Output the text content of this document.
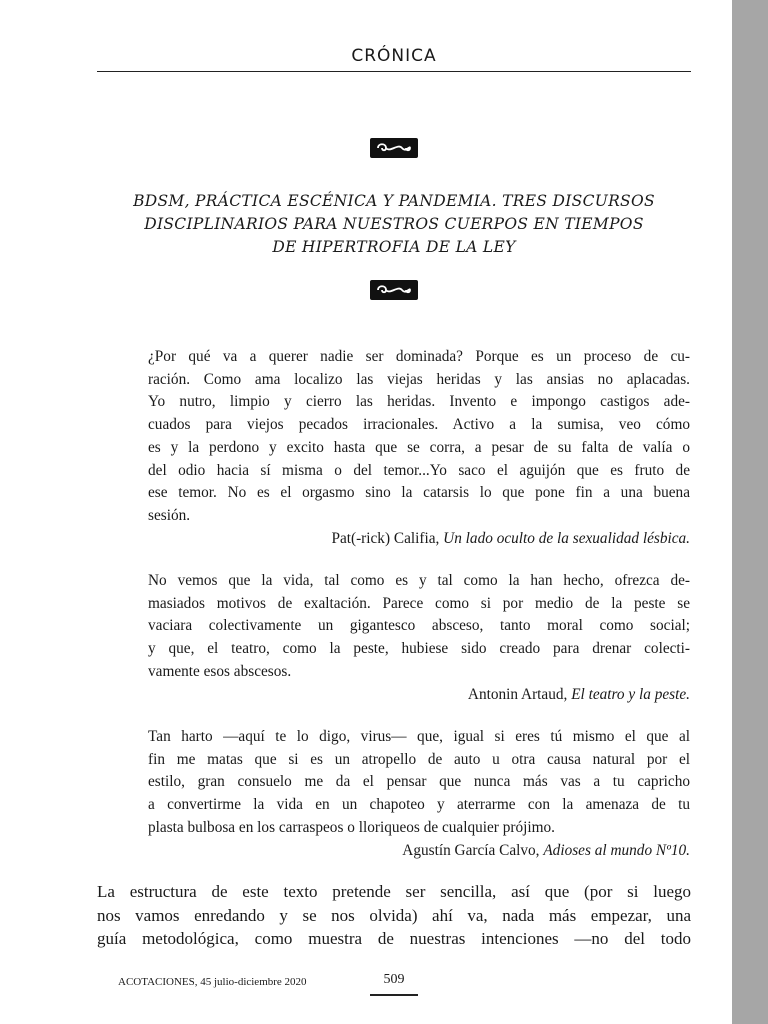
CRÓNICA
BDSM, PRÁCTICA ESCÉNICA Y PANDEMIA. TRES DISCURSOS
DISCIPLINARIOS PARA NUESTROS CUERPOS EN TIEMPOS
DE HIPERTROFIA DE LA LEY
¿Por qué va a querer nadie ser dominada? Porque es un proceso de cu-
ración. Como ama localizo las viejas heridas y las ansias no aplacadas.
Yo nutro, limpio y cierro las heridas. Invento e impongo castigos ade-
cuados para viejos pecados irracionales. Activo a la sumisa, veo cómo
es y la perdono y excito hasta que se corra, a pesar de su falta de valía o
del odio hacia sí misma o del temor...Yo saco el aguijón que es fruto de
ese temor. No es el orgasmo sino la catarsis lo que pone fin a una buena
sesión.
Pat(-rick) Califia, Un lado oculto de la sexualidad lésbica.
No vemos que la vida, tal como es y tal como la han hecho, ofrezca de-
masiados motivos de exaltación. Parece como si por medio de la peste se
vaciara colectivamente un gigantesco absceso, tanto moral como social;
y que, el teatro, como la peste, hubiese sido creado para drenar colecti-
vamente esos abscesos.
Antonin Artaud, El teatro y la peste.
Tan harto —aquí te lo digo, virus— que, igual si eres tú mismo el que al
fin me matas que si es un atropello de auto u otra causa natural por el
estilo, gran consuelo me da el pensar que nunca más vas a tu capricho
a convertirme la vida en un chapoteo y aterrarme con la amenaza de tu
plasta bulbosa en los carraspeos o lloriqueos de cualquier prójimo.
Agustín García Calvo, Adioses al mundo Nº10.
La estructura de este texto pretende ser sencilla, así que (por si luego
nos vamos enredando y se nos olvida) ahí va, nada más empezar, una
guía metodológica, como muestra de nuestras intenciones —no del todo
ACOTACIONES, 45 julio-diciembre 2020	509
